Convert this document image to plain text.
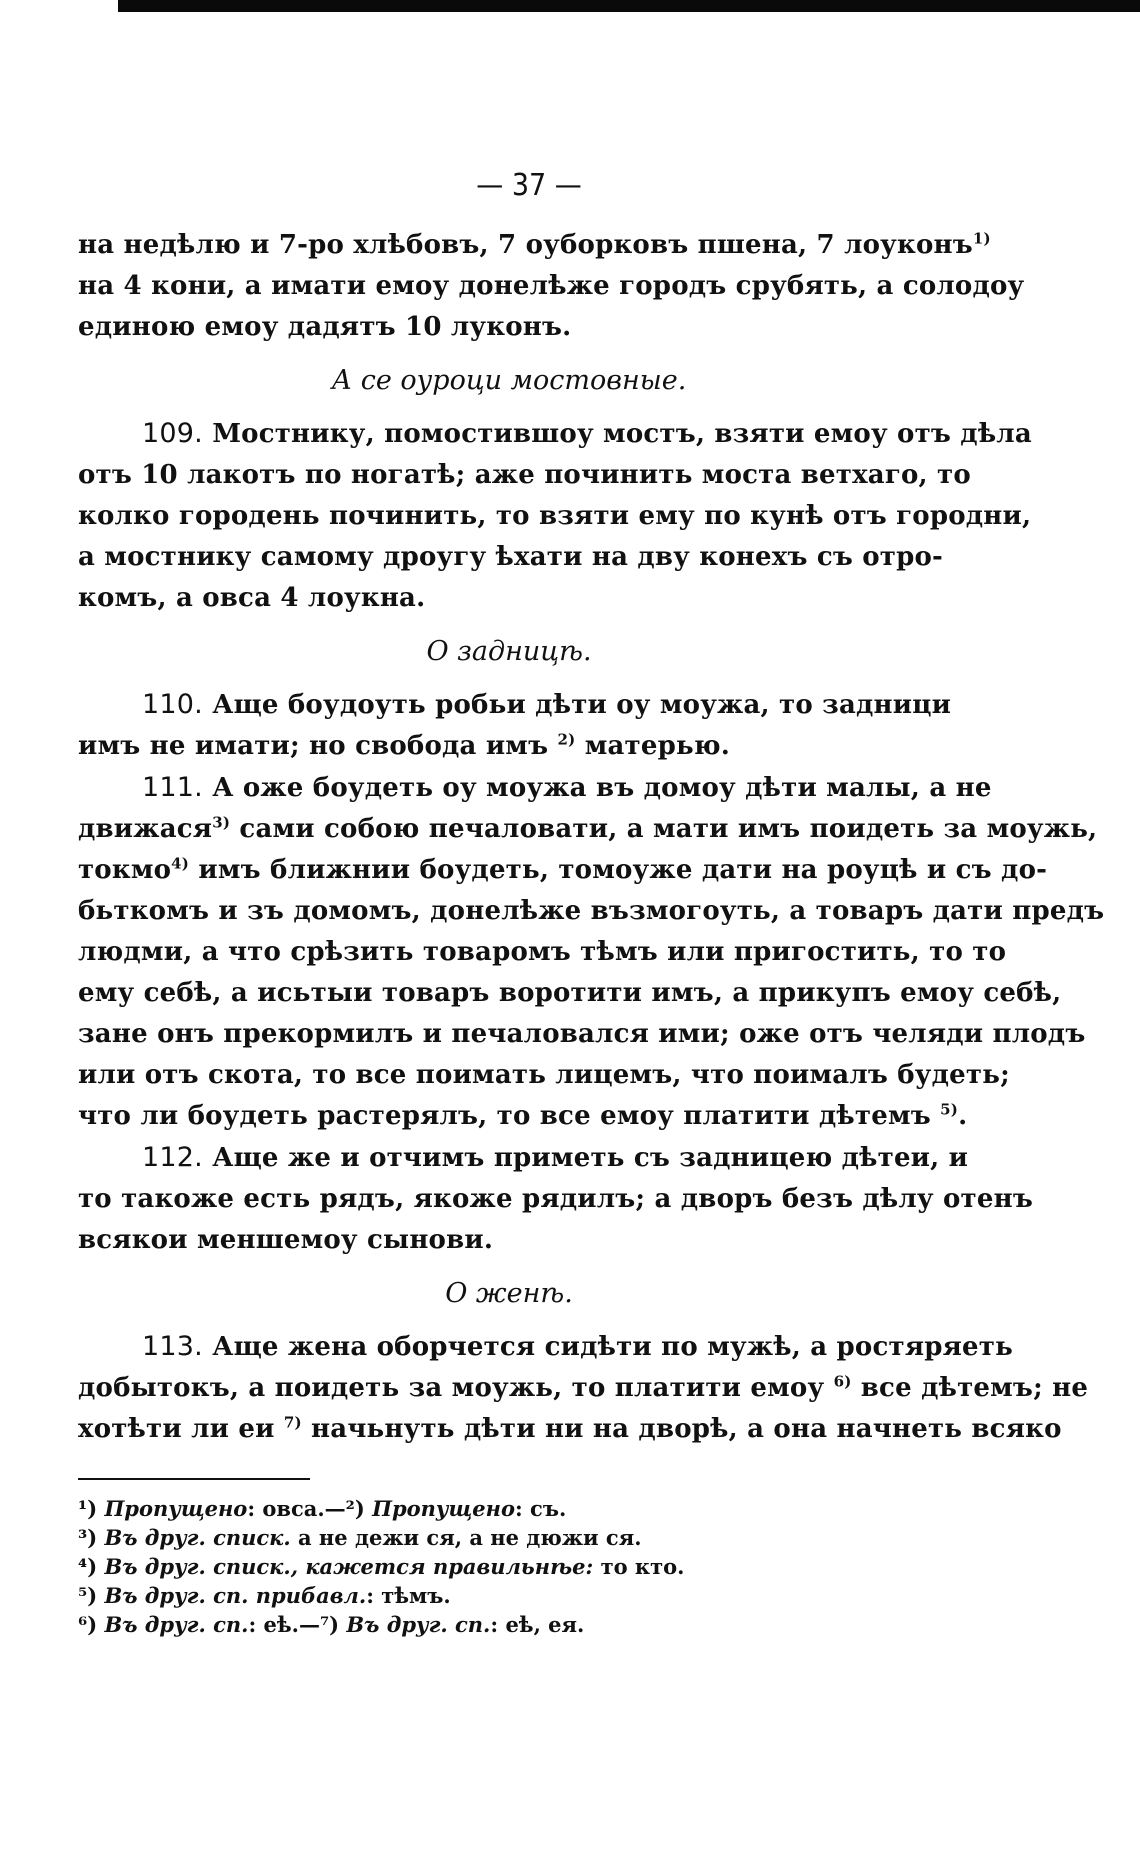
— 37 —
на недѣлю и 7-ро хлѣбовъ, 7 оуборковъ пшена, 7 лоуконъ$^{1)}$
на 4 кони, а имати емоу донелѣже городъ срубять, а солодоу
единою емоу дадятъ 10 луконъ.
А се оуроци мостовные.
109. Мостнику, помостившоу мостъ, взяти емоу отъ дѣла
отъ 10 лакотъ по ногатѣ; аже починить моста ветхаго, то
колко городень починить, то взяти ему по кунѣ отъ городни,
а мостнику самому дроугу ѣхати на дву конехъ съ отро-
комъ, а овса 4 лоукна.
О задницѣ.
110. Аще боудоуть робьи дѣти оу моужа, то задници
имъ не имати; но свобода имъ $^{2)}$ матерью.
111. А оже боудеть оу моужа въ домоу дѣти малы, а не
движася$^{3)}$ сами собою печаловати, а мати имъ поидеть за моужь,
токмо$^{4)}$ имъ ближнии боудеть, томоуже дати на роуцѣ и съ до-
бьткомъ и зъ домомъ, донелѣже възмогоуть, а товаръ дати предъ
людми, а что срѣзить товаромъ тѣмъ или пригостить, то то
ему себѣ, а исьтыи товаръ воротити имъ, а прикупъ емоу себѣ,
зане онъ прекормилъ и печаловался ими; оже отъ челяди плодъ
или отъ скота, то все поимать лицемъ, что поималъ будеть;
что ли боудеть растерялъ, то все емоу платити дѣтемъ $^{5)}$.
112. Аще же и отчимъ приметь съ задницею дѣтеи, и
то такоже есть рядъ, якоже рядилъ; а дворъ безъ дѣлу отенъ
всякои меншемоу сынови.
О женѣ.
113. Аще жена оборчется сидѣти по мужѣ, а ростяряеть
добытокъ, а поидеть за моужь, то платити емоу $^{6)}$ все дѣтемъ; не
хотѣти ли еи $^{7)}$ начьнуть дѣти ни на дворѣ, а она начнеть всяко
¹) Пропущено: овса.—²) Пропущено: съ.
³) Въ друг. списк. а не дежи ся, а не дюжи ся.
⁴) Въ друг. списк., кажется правильнѣе: то кто.
⁵) Въ друг. сп. прибавл.: тѣмъ.
⁶) Въ друг. сп.: еѣ.—⁷) Въ друг. сп.: еѣ, ея.
